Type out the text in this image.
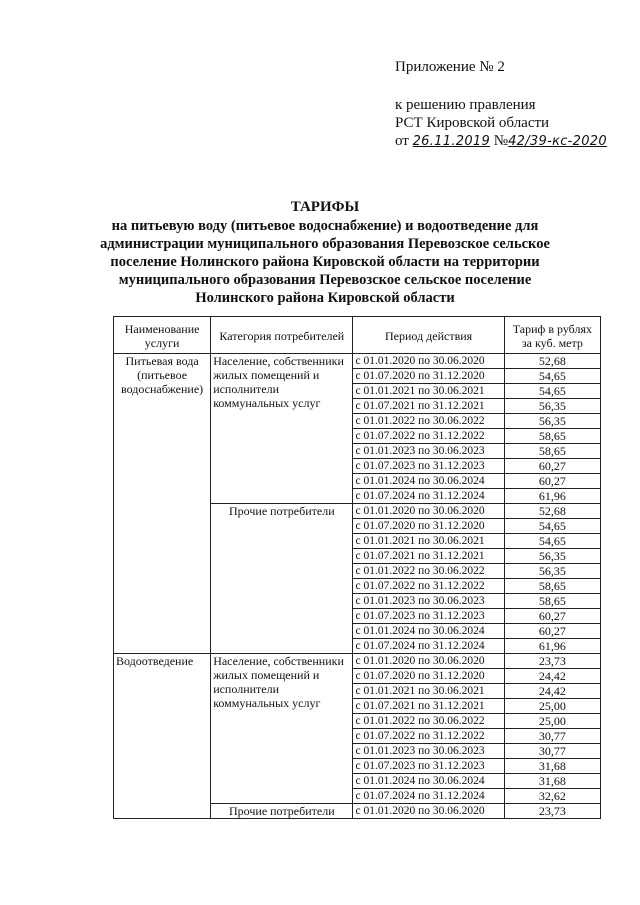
Приложение № 2
к решению правления
РСТ Кировской области
от 26.11.2019 №42/39-кс-2020
ТАРИФЫ
на питьевую воду (питьевое водоснабжение) и водоотведение для
администрации муниципального образования Перевозское сельское
поселение Нолинского района Кировской области на территории
муниципального образования Перевозское сельское поселение
Нолинского района Кировской области
Наименование услуги	Категория потребителей	Период действия	Тариф в рублях за куб. метр
Питьевая вода (питьевое водоснабжение)	Население, собственники жилых помещений и исполнители коммунальных услуг	с 01.01.2020 по 30.06.2020	52,68
		с 01.07.2020 по 31.12.2020	54,65
		с 01.01.2021 по 30.06.2021	54,65
		с 01.07.2021 по 31.12.2021	56,35
		с 01.01.2022 по 30.06.2022	56,35
		с 01.07.2022 по 31.12.2022	58,65
		с 01.01.2023 по 30.06.2023	58,65
		с 01.07.2023 по 31.12.2023	60,27
		с 01.01.2024 по 30.06.2024	60,27
		с 01.07.2024 по 31.12.2024	61,96
	Прочие потребители	с 01.01.2020 по 30.06.2020	52,68
		с 01.07.2020 по 31.12.2020	54,65
		с 01.01.2021 по 30.06.2021	54,65
		с 01.07.2021 по 31.12.2021	56,35
		с 01.01.2022 по 30.06.2022	56,35
		с 01.07.2022 по 31.12.2022	58,65
		с 01.01.2023 по 30.06.2023	58,65
		с 01.07.2023 по 31.12.2023	60,27
		с 01.01.2024 по 30.06.2024	60,27
		с 01.07.2024 по 31.12.2024	61,96
Водоотведение	Население, собственники жилых помещений и исполнители коммунальных услуг	с 01.01.2020 по 30.06.2020	23,73
		с 01.07.2020 по 31.12.2020	24,42
		с 01.01.2021 по 30.06.2021	24,42
		с 01.07.2021 по 31.12.2021	25,00
		с 01.01.2022 по 30.06.2022	25,00
		с 01.07.2022 по 31.12.2022	30,77
		с 01.01.2023 по 30.06.2023	30,77
		с 01.07.2023 по 31.12.2023	31,68
		с 01.01.2024 по 30.06.2024	31,68
		с 01.07.2024 по 31.12.2024	32,62
	Прочие потребители	с 01.01.2020 по 30.06.2020	23,73
